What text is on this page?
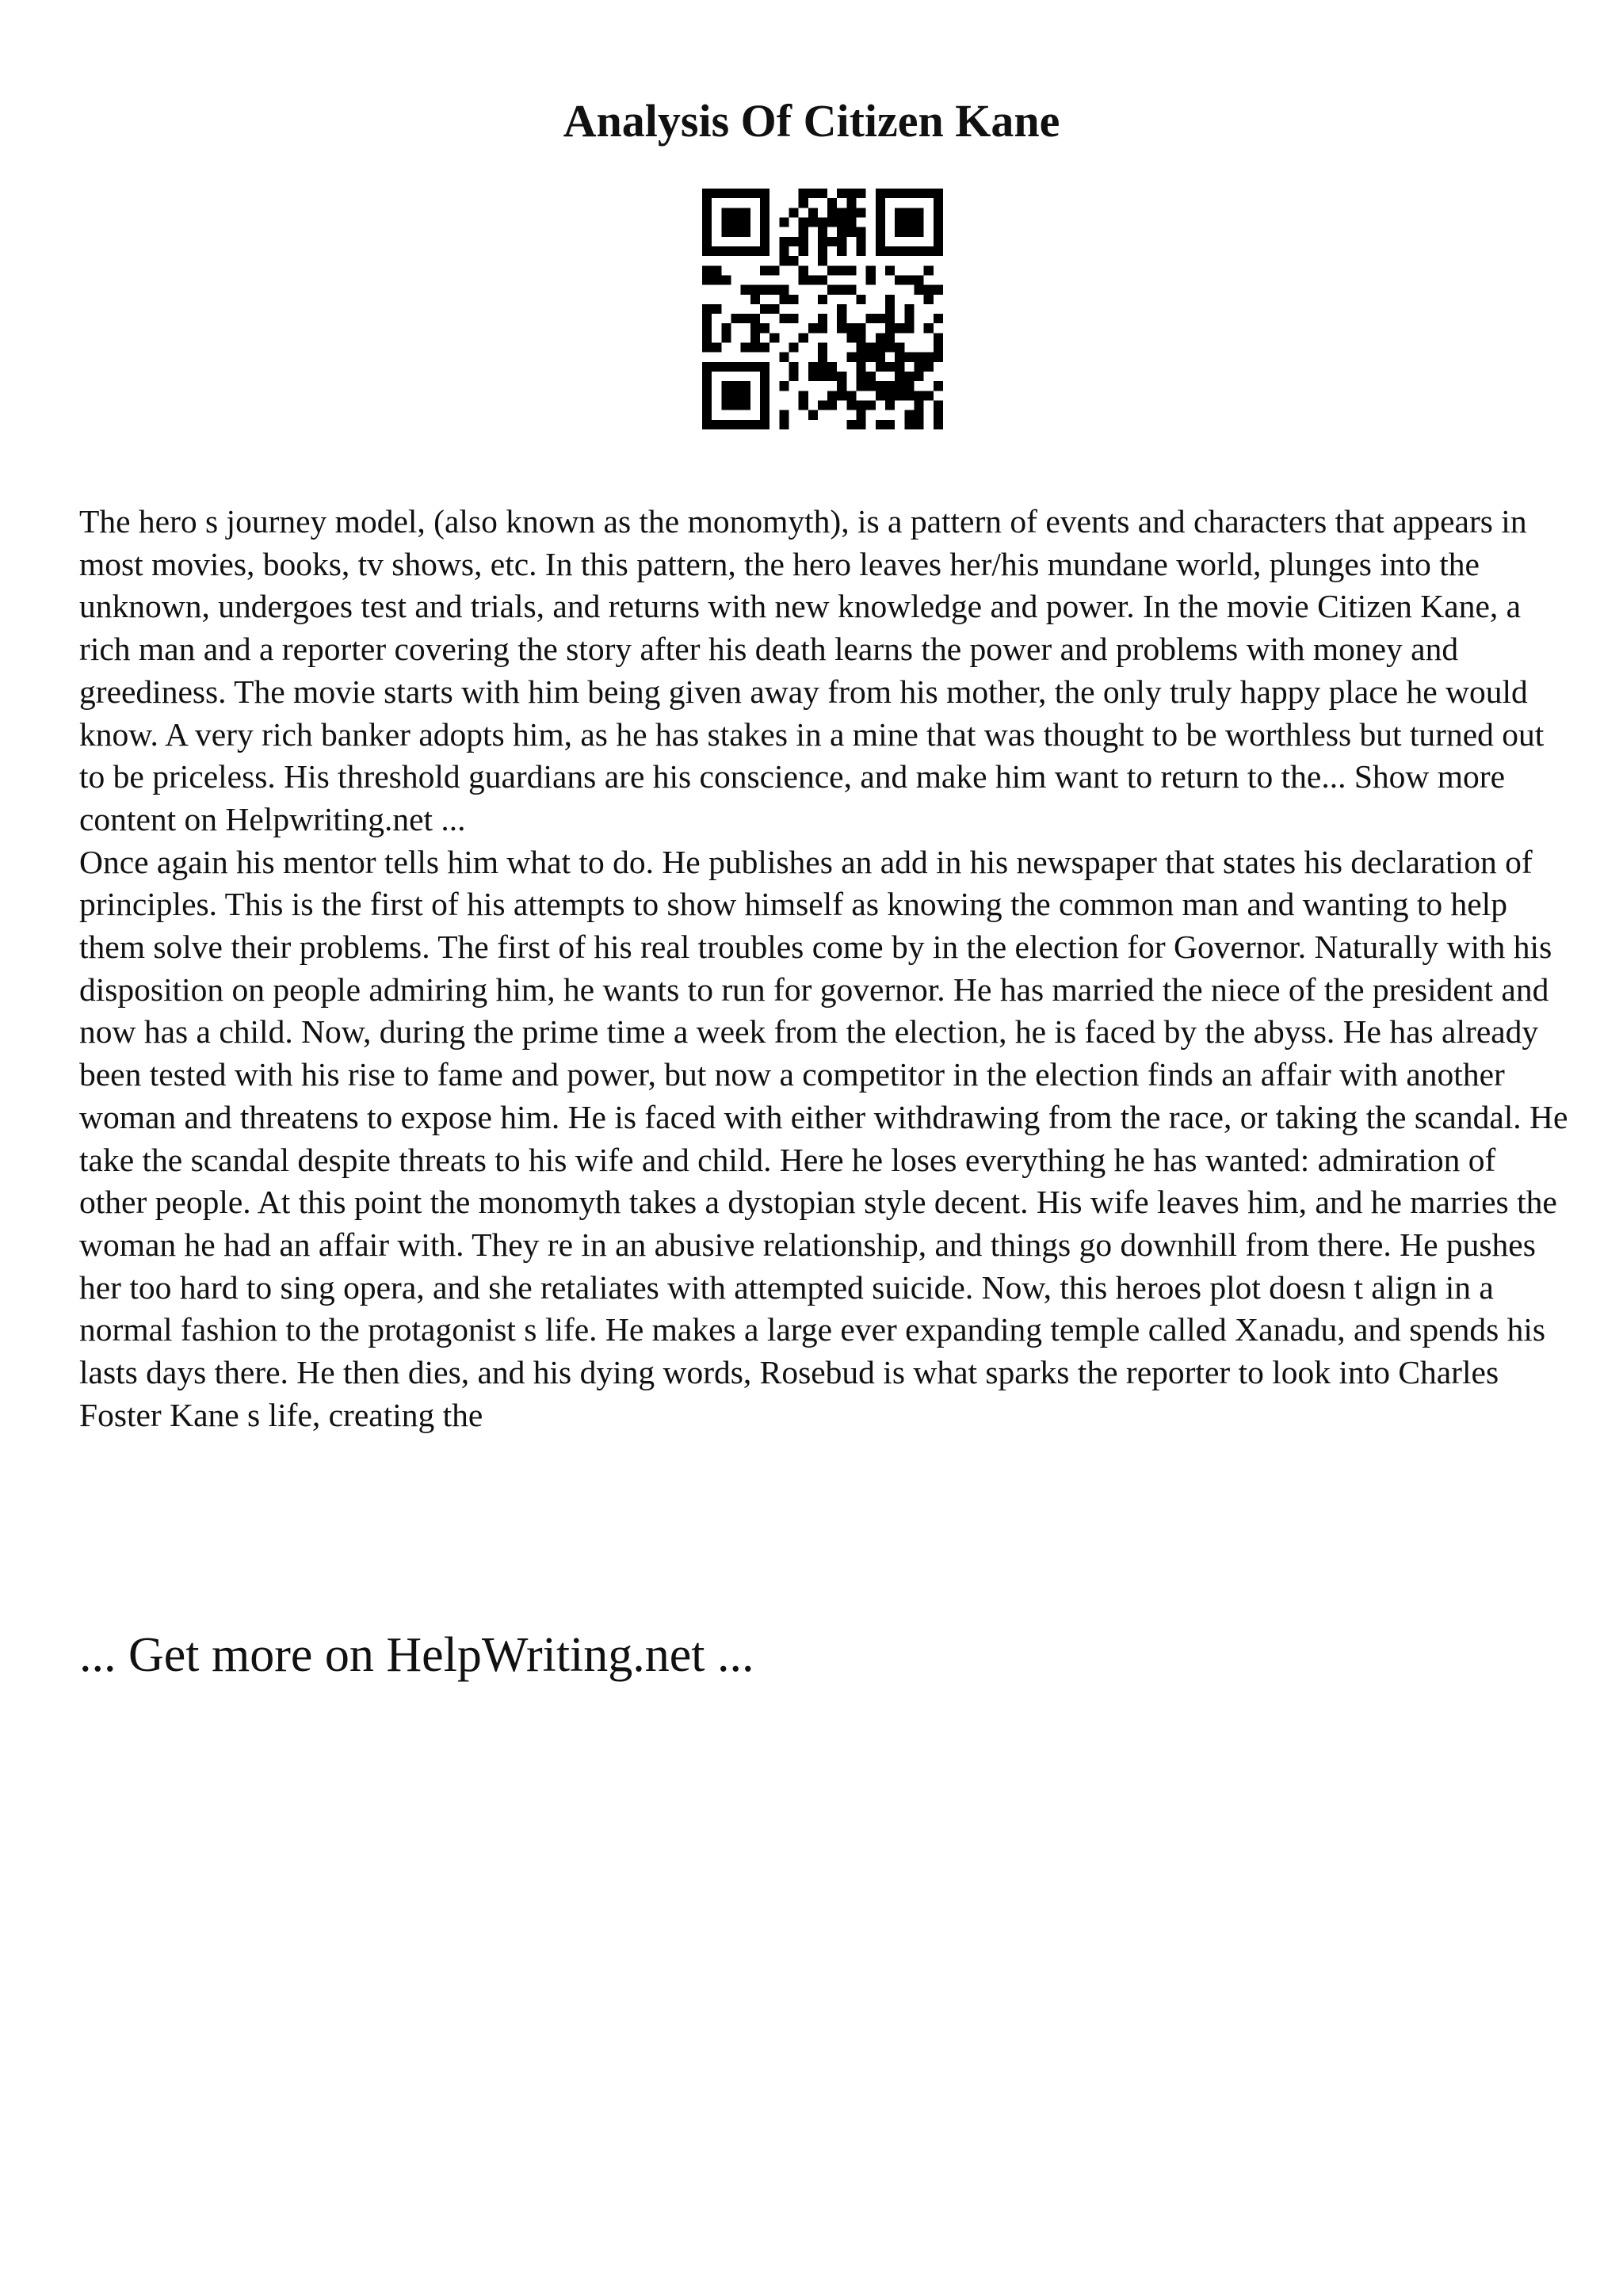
Analysis Of Citizen Kane

The hero s journey model, (also known as the monomyth), is a pattern of events and characters that appears in most movies, books, tv shows, etc. In this pattern, the hero leaves her/his mundane world, plunges into the unknown, undergoes test and trials, and returns with new knowledge and power. In the movie Citizen Kane, a rich man and a reporter covering the story after his death learns the power and problems with money and greediness. The movie starts with him being given away from his mother, the only truly happy place he would know. A very rich banker adopts him, as he has stakes in a mine that was thought to be worthless but turned out to be priceless. His threshold guardians are his conscience, and make him want to return to the... Show more content on Helpwriting.net ...

Once again his mentor tells him what to do. He publishes an add in his newspaper that states his declaration of principles. This is the first of his attempts to show himself as knowing the common man and wanting to help them solve their problems. The first of his real troubles come by in the election for Governor. Naturally with his disposition on people admiring him, he wants to run for governor. He has married the niece of the president and now has a child. Now, during the prime time a week from the election, he is faced by the abyss. He has already been tested with his rise to fame and power, but now a competitor in the election finds an affair with another woman and threatens to expose him. He is faced with either withdrawing from the race, or taking the scandal. He take the scandal despite threats to his wife and child. Here he loses everything he has wanted: admiration of other people. At this point the monomyth takes a dystopian style decent. His wife leaves him, and he marries the woman he had an affair with. They re in an abusive relationship, and things go downhill from there. He pushes her too hard to sing opera, and she retaliates with attempted suicide. Now, this heroes plot doesn t align in a normal fashion to the protagonist s life. He makes a large ever expanding temple called Xanadu, and spends his lasts days there. He then dies, and his dying words, Rosebud is what sparks the reporter to look into Charles Foster Kane s life, creating the

... Get more on HelpWriting.net ...
